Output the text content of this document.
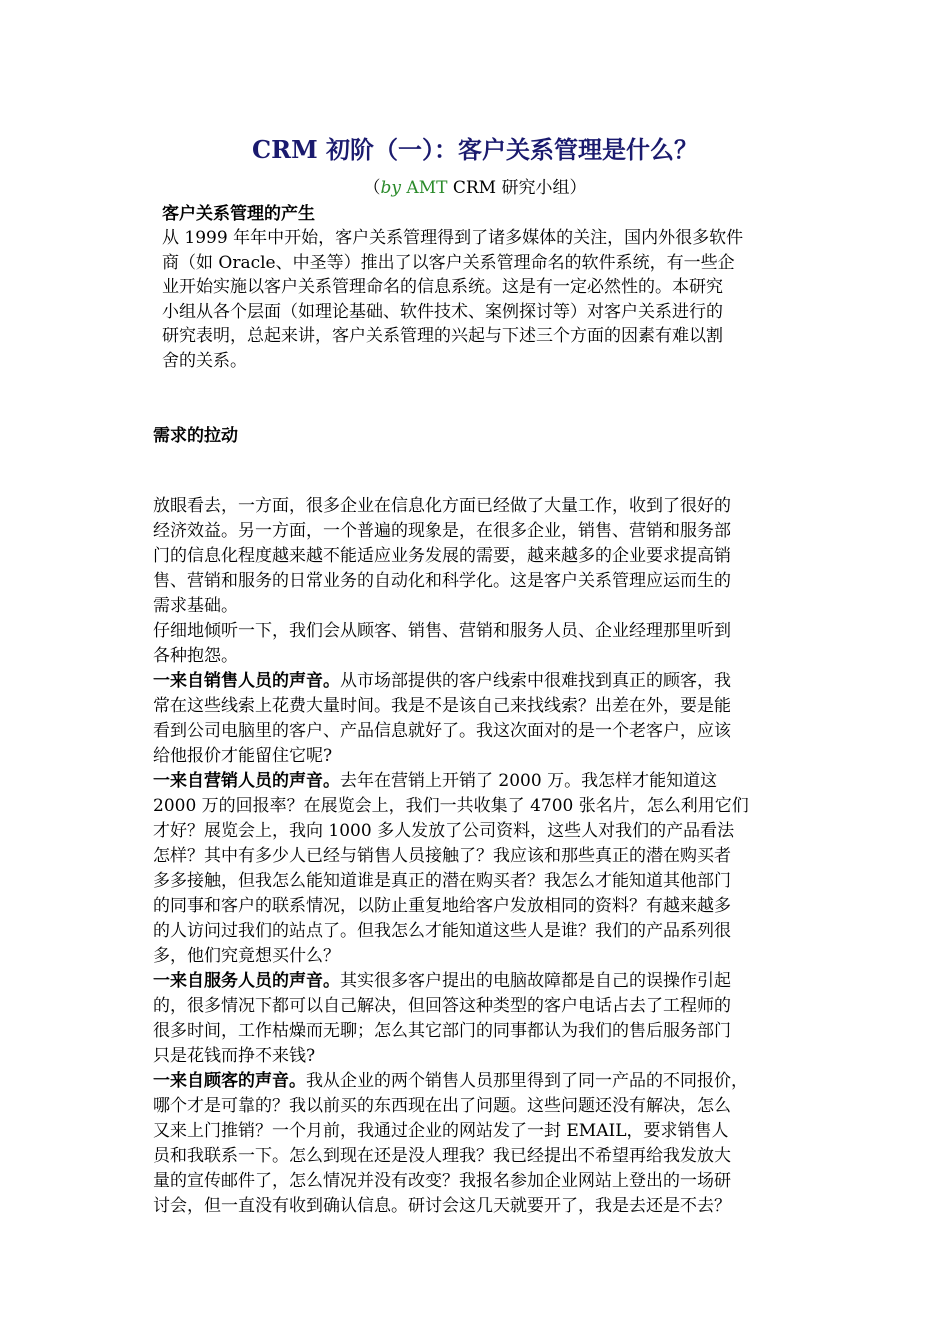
CRM 初阶（一）：客户关系管理是什么？
（by AMT CRM 研究小组）
客户关系管理的产生
从 1999 年年中开始，客户关系管理得到了诸多媒体的关注，国内外很多软件
商（如 Oracle、中圣等）推出了以客户关系管理命名的软件系统，有一些企
业开始实施以客户关系管理命名的信息系统。这是有一定必然性的。本研究
小组从各个层面（如理论基础、软件技术、案例探讨等）对客户关系进行的
研究表明，总起来讲，客户关系管理的兴起与下述三个方面的因素有难以割
舍的关系。
需求的拉动
放眼看去，一方面，很多企业在信息化方面已经做了大量工作，收到了很好的
经济效益。另一方面，一个普遍的现象是，在很多企业，销售、营销和服务部
门的信息化程度越来越不能适应业务发展的需要，越来越多的企业要求提高销
售、营销和服务的日常业务的自动化和科学化。这是客户关系管理应运而生的
需求基础。
仔细地倾听一下，我们会从顾客、销售、营销和服务人员、企业经理那里听到
各种抱怨。
一来自销售人员的声音。从市场部提供的客户线索中很难找到真正的顾客，我
常在这些线索上花费大量时间。我是不是该自己来找线索？出差在外，要是能
看到公司电脑里的客户、产品信息就好了。我这次面对的是一个老客户，应该
给他报价才能留住它呢?
一来自营销人员的声音。去年在营销上开销了 2000 万。我怎样才能知道这
2000 万的回报率？在展览会上，我们一共收集了 4700 张名片，怎么利用它们
才好？展览会上，我向 1000 多人发放了公司资料，这些人对我们的产品看法
怎样？其中有多少人已经与销售人员接触了？我应该和那些真正的潜在购买者
多多接触，但我怎么能知道谁是真正的潜在购买者？我怎么才能知道其他部门
的同事和客户的联系情况，以防止重复地给客户发放相同的资料？有越来越多
的人访问过我们的站点了。但我怎么才能知道这些人是谁？我们的产品系列很
多，他们究竟想买什么？
一来自服务人员的声音。其实很多客户提出的电脑故障都是自己的误操作引起
的，很多情况下都可以自己解决，但回答这种类型的客户电话占去了工程师的
很多时间，工作枯燥而无聊；怎么其它部门的同事都认为我们的售后服务部门
只是花钱而挣不来钱?
一来自顾客的声音。我从企业的两个销售人员那里得到了同一产品的不同报价，
哪个才是可靠的？我以前买的东西现在出了问题。这些问题还没有解决，怎么
又来上门推销？一个月前，我通过企业的网站发了一封 EMAIL，要求销售人
员和我联系一下。怎么到现在还是没人理我？我已经提出不希望再给我发放大
量的宣传邮件了，怎么情况并没有改变？我报名参加企业网站上登出的一场研
讨会，但一直没有收到确认信息。研讨会这几天就要开了，我是去还是不去？
